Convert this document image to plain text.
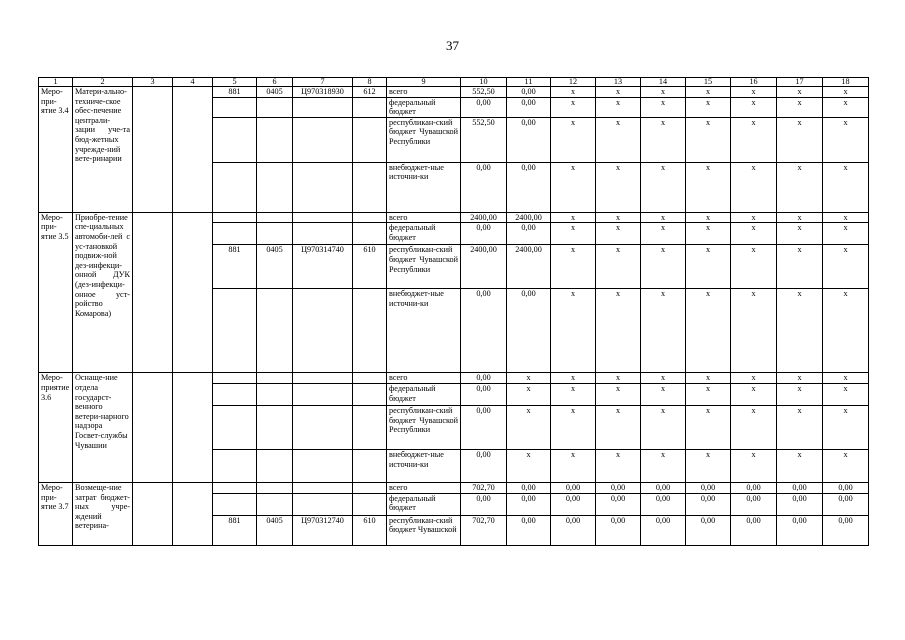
37
1	2	3	4	5	6	7	8	9	10	11	12	13	14	15	16	17	18
Меро-при-ятие 3.4	Матери-ально-техниче-ское обес-печение централи-зации уче-та бюд-жетных учрежде-ний вете-ринарии			881	0405	Ц970318930	612	всего	552,50	0,00	x	x	x	x	x	x	x
								федеральный бюджет	0,00	0,00	x	x	x	x	x	x	x
								республикан-ский бюджет Чувашской Республики	552,50	0,00	x	x	x	x	x	x	x
								внебюджет-ные источни-ки	0,00	0,00	x	x	x	x	x	x	x
Меро-при-ятие 3.5	Приобре-тение спе-циальных автомоби-лей с ус-тановкой подвиж-ной дез-инфекци-онной ДУК (дез-инфекци-онное уст-ройство Комарова)							всего	2400,00	2400,00	x	x	x	x	x	x	x
								федеральный бюджет	0,00	0,00	x	x	x	x	x	x	x
				881	0405	Ц970314740	610	республикан-ский бюджет Чувашской Республики	2400,00	2400,00	x	x	x	x	x	x	x
								внебюджет-ные источни-ки	0,00	0,00	x	x	x	x	x	x	x
Меро-приятие 3.6	Оснаще-ние отдела государст-венного ветери-нарного надзора Госвет-службы Чувашии							всего	0,00	x	x	x	x	x	x	x	x
								федеральный бюджет	0,00	x	x	x	x	x	x	x	x
								республикан-ский бюджет Чувашской Республики	0,00	x	x	x	x	x	x	x	x
								внебюджет-ные источни-ки	0,00	x	x	x	x	x	x	x	x
Меро-при-ятие 3.7	Возмеще-ние затрат бюджет-ных учре-ждений ветерина-							всего	702,70	0,00	0,00	0,00	0,00	0,00	0,00	0,00	0,00
								федеральный бюджет	0,00	0,00	0,00	0,00	0,00	0,00	0,00	0,00	0,00
				881	0405	Ц970312740	610	республикан-ский бюджет Чувашской	702,70	0,00	0,00	0,00	0,00	0,00	0,00	0,00	0,00
